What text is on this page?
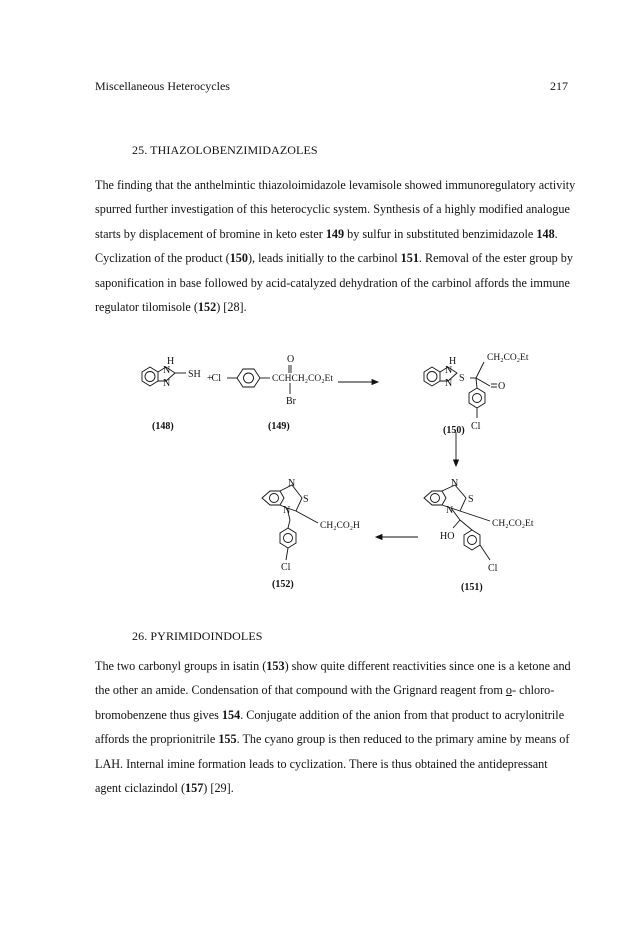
Miscellaneous Heterocycles	217
25. THIAZOLOBENZIMIDAZOLES

The finding that the anthelmintic thiazoloimidazole levamisole showed immunoregulatory activity

spurred further investigation of this heterocyclic system. Synthesis of a highly modified analogue

starts by displacement of bromine in keto ester 149 by sulfur in substituted benzimidazole 148.

Cyclization of the product (150), leads initially to the carbinol 151. Removal of the ester group by

saponification in base followed by acid-catalyzed dehydration of the carbinol affords the immune

regulator tilomisole (152) [28].

H
N
N
SH +
Cl
O
CCHCH₂CO₂Et
Br
H
N
N S
CH₂CO₂Et
O
Cl
N
S
N
CH₂CO₂H
Cl
N
S
N
CH₂CO₂Et
HO
Cl
(148)	(149)	(150)
(151)
(152)
26. PYRIMIDOINDOLES

The two carbonyl groups in isatin (153) show quite different reactivities since one is a ketone and

the other an amide. Condensation of that compound with the Grignard reagent from o- chloro-

bromobenzene thus gives 154. Conjugate addition of the anion from that product to acrylonitrile

affords the proprionitrile 155. The cyano group is then reduced to the primary amine by means of

LAH. Internal imine formation leads to cyclization. There is thus obtained the antidepressant

agent ciclazindol (157) [29].
